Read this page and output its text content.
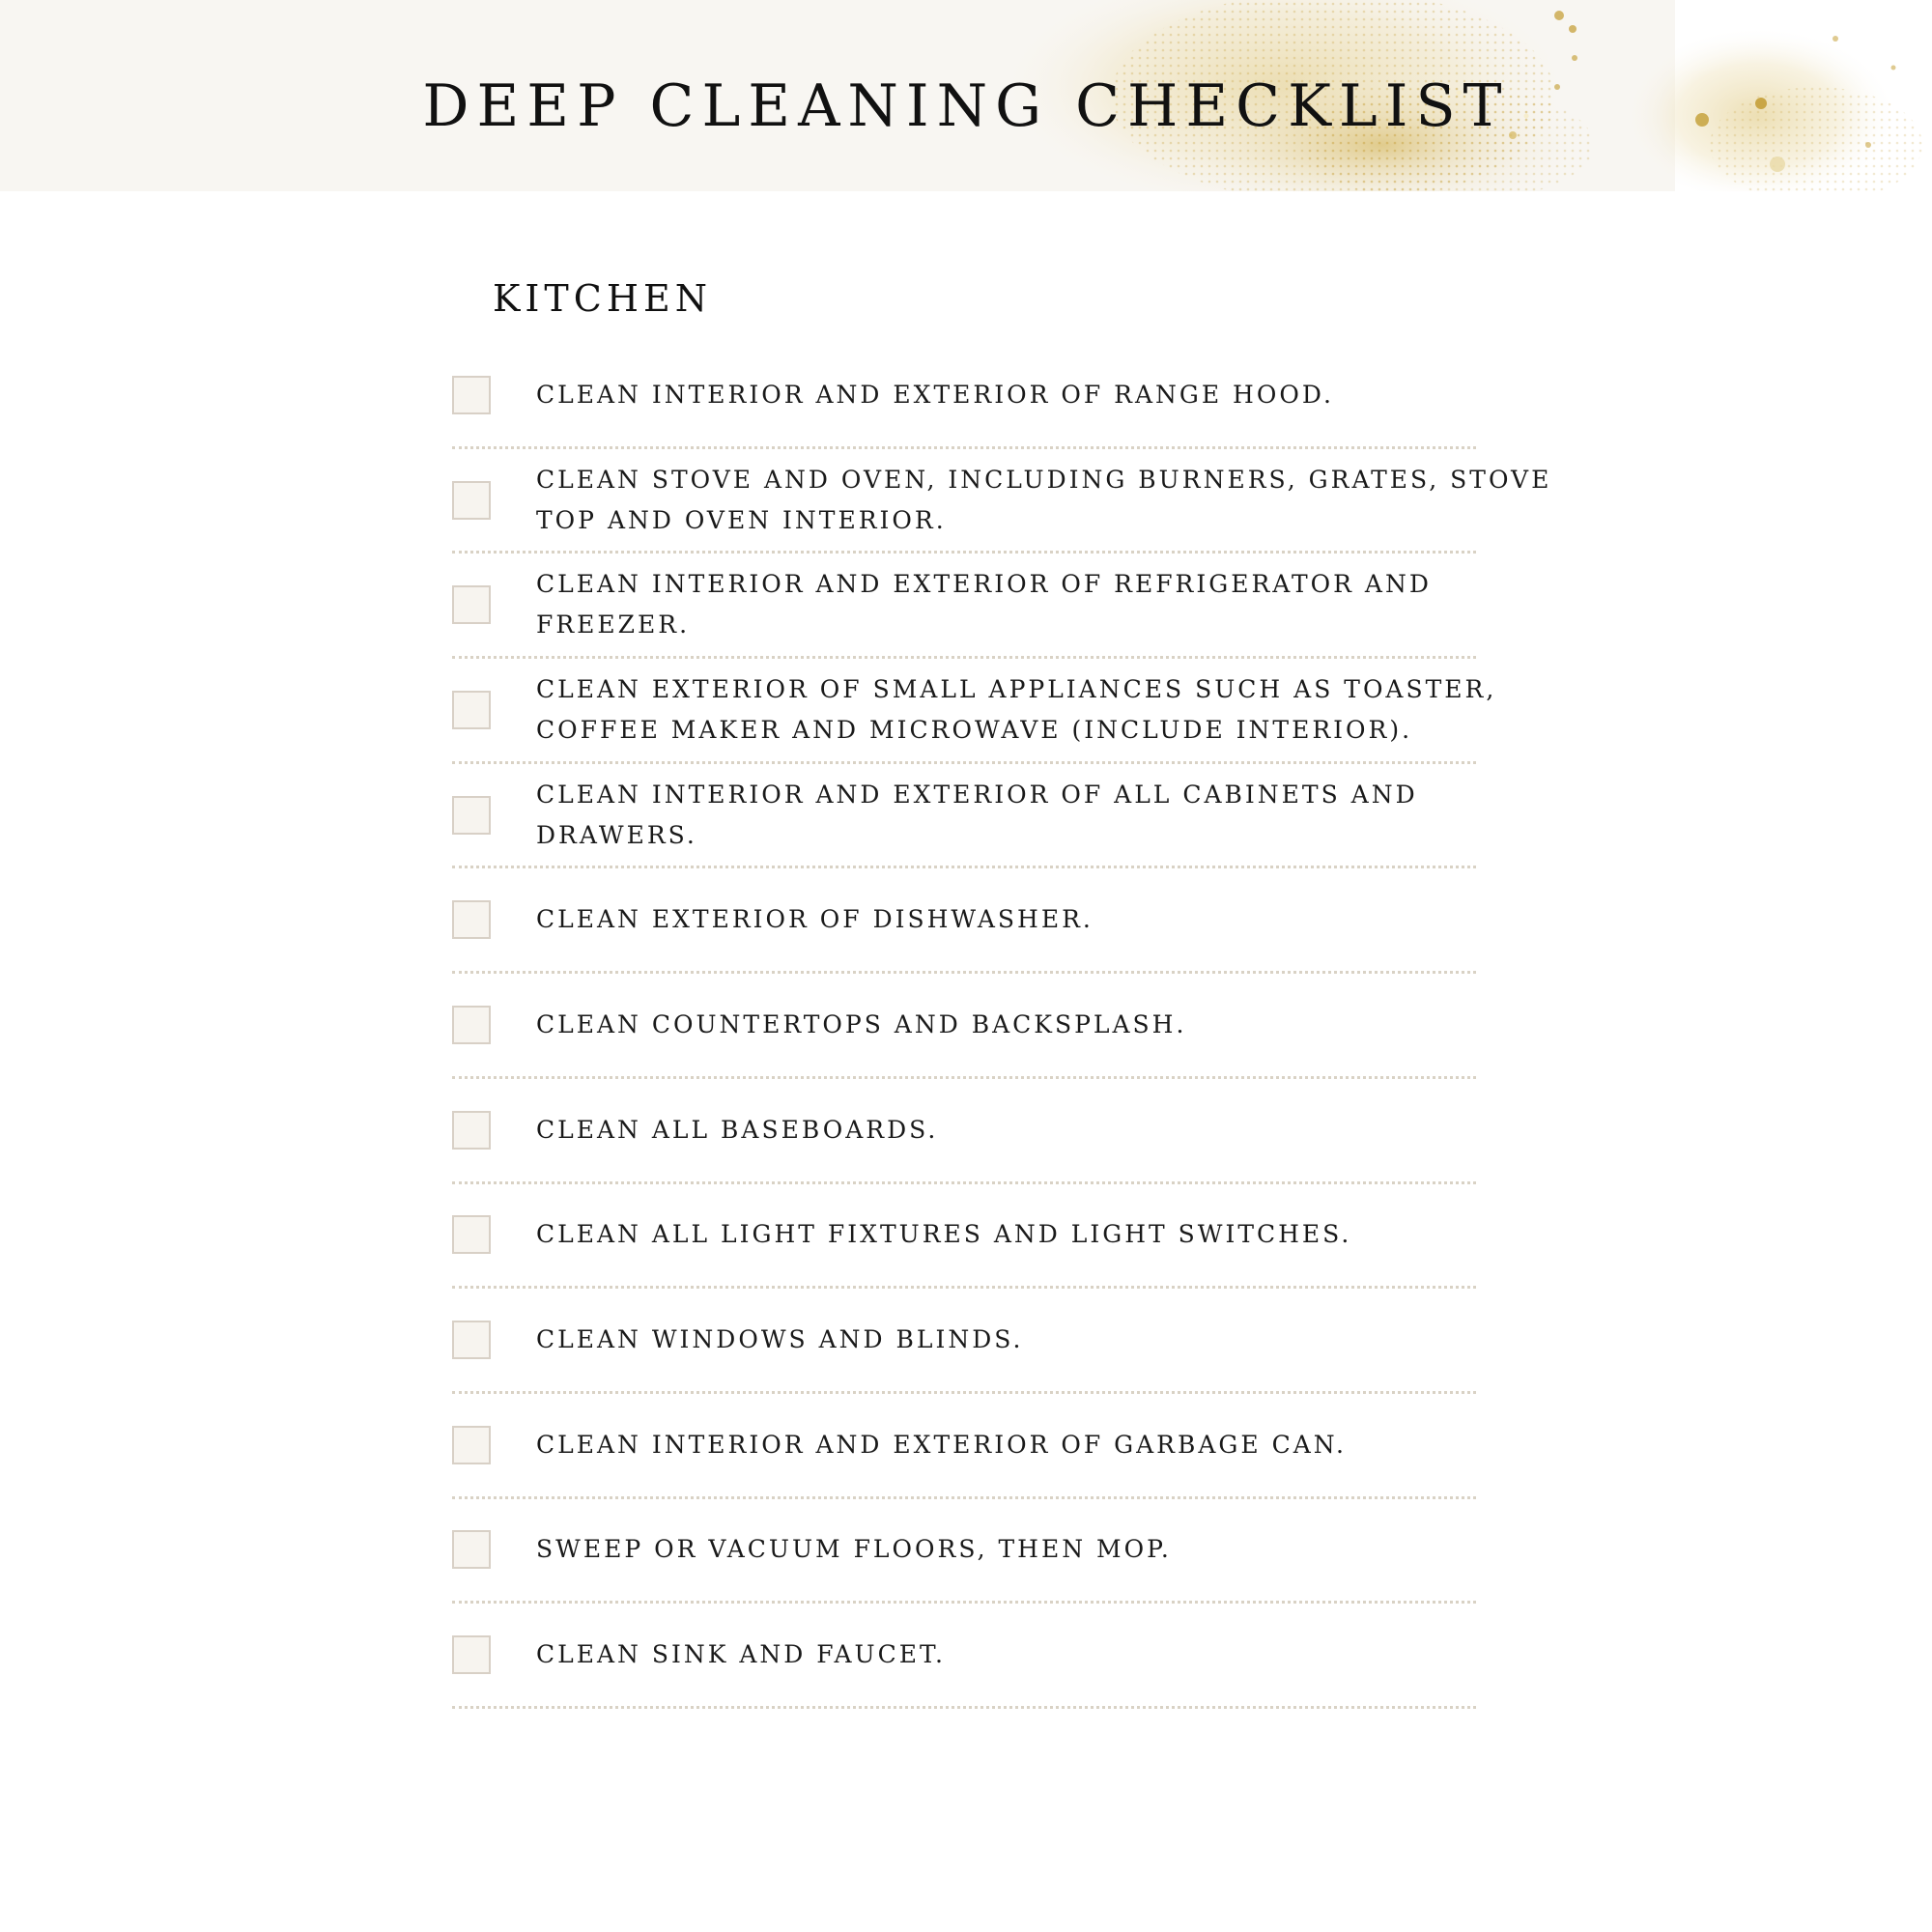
DEEP CLEANING CHECKLIST
KITCHEN
CLEAN INTERIOR AND EXTERIOR OF RANGE HOOD.
CLEAN STOVE AND OVEN, INCLUDING BURNERS, GRATES, STOVE TOP AND OVEN INTERIOR.
CLEAN INTERIOR AND EXTERIOR OF REFRIGERATOR AND FREEZER.
CLEAN EXTERIOR OF SMALL APPLIANCES SUCH AS TOASTER, COFFEE MAKER AND MICROWAVE (INCLUDE INTERIOR).
CLEAN INTERIOR AND EXTERIOR OF ALL CABINETS AND DRAWERS.
CLEAN EXTERIOR OF DISHWASHER.
CLEAN COUNTERTOPS AND BACKSPLASH.
CLEAN ALL BASEBOARDS.
CLEAN ALL LIGHT FIXTURES AND LIGHT SWITCHES.
CLEAN WINDOWS AND BLINDS.
CLEAN INTERIOR AND EXTERIOR OF GARBAGE CAN.
SWEEP OR VACUUM FLOORS, THEN MOP.
CLEAN SINK AND FAUCET.
